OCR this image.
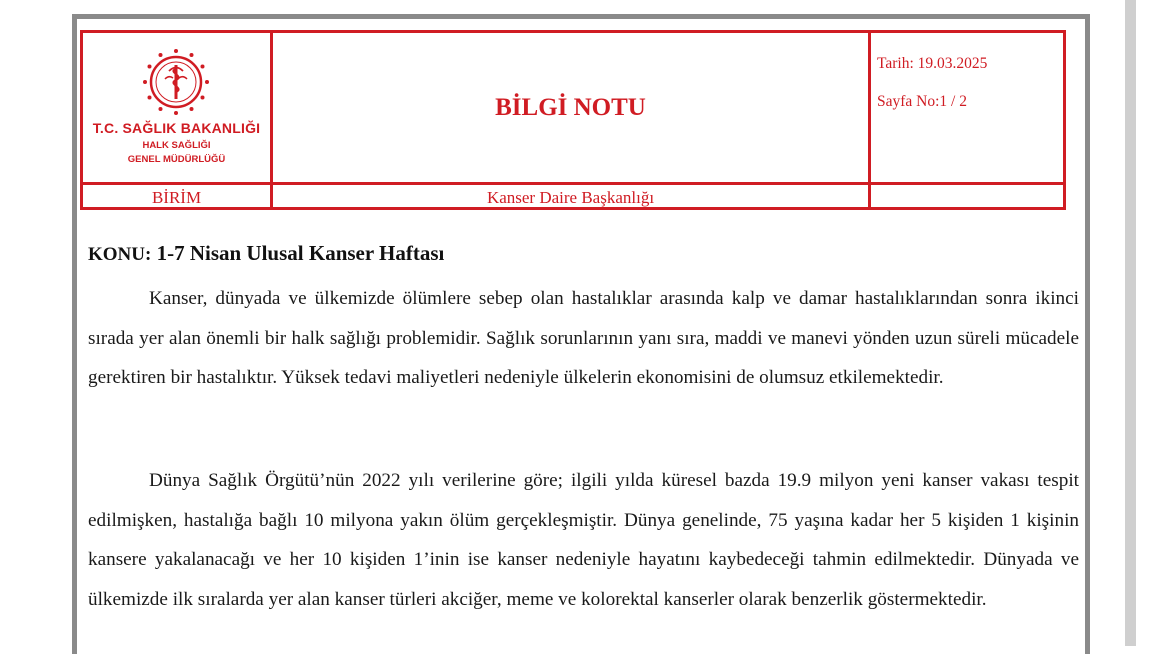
T.C. SAĞLIK BAKANLIĞI
HALK SAĞLIĞI
GENEL MÜDÜRLÜĞÜ
BİLGİ NOTU
Tarih: 19.03.2025
Sayfa No:1 / 2
BİRİM	Kanser Daire Başkanlığı
KONU: 1-7 Nisan Ulusal Kanser Haftası

Kanser, dünyada ve ülkemizde ölümlere sebep olan hastalıklar arasında kalp ve damar hastalıklarından sonra ikinci sırada yer alan önemli bir halk sağlığı problemidir. Sağlık sorunlarının yanı sıra, maddi ve manevi yönden uzun süreli mücadele gerektiren bir hastalıktır. Yüksek tedavi maliyetleri nedeniyle ülkelerin ekonomisini de olumsuz etkilemektedir.

Dünya Sağlık Örgütü’nün 2022 yılı verilerine göre; ilgili yılda küresel bazda 19.9 milyon yeni kanser vakası tespit edilmişken, hastalığa bağlı 10 milyona yakın ölüm gerçekleşmiştir. Dünya genelinde, 75 yaşına kadar her 5 kişiden 1 kişinin kansere yakalanacağı ve her 10 kişiden 1’inin ise kanser nedeniyle hayatını kaybedeceği tahmin edilmektedir. Dünyada ve ülkemizde ilk sıralarda yer alan kanser türleri akciğer, meme ve kolorektal kanserler olarak benzerlik göstermektedir.
